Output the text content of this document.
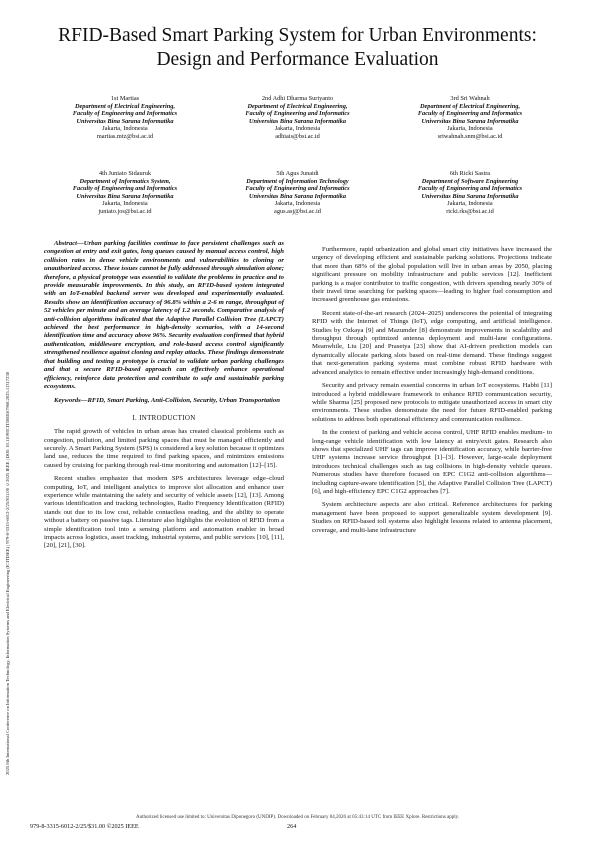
2025 8th International Conference on Information Technology, Information Systems and Electrical Engineering (ICITISEE) | 979-8-3315-6012-2/25/$31.00 ©2025 IEEE | DOI: 10.1109/ICITISEE67968.2025.11317238
RFID-Based Smart Parking System for Urban Environments: Design and Performance Evaluation
1st Martias
Department of Electrical Engineering,
Faculty of Engineering and Informatics
Universitas Bina Sarana Informatika
Jakarta, Indonesia
martias.mtz@bsi.ac.id
2nd Adhi Dharma Suriyanto
Department of Electrical Engineering,
Faculty of Engineering and Informatics
Universitas Bina Sarana Informatika
Jakarta, Indonesia
adhiais@bsi.ac.id
3rd Sri Wahnah
Department of Electrical Engineering,
Faculty of Engineering and Informatics
Universitas Bina Sarana Informatika
Jakarta, Indonesia
sriwahnah.snm@bsi.ac.id
4th Juniato Sidauruk
Department of Informatics System,
Faculty of Engineering and Informatics
Universitas Bina Sarana Informatika
Jakarta, Indonesia
juniato.jos@bsi.ac.id
5th Agus Junaidi
Department of Information Technology
Faculty of Engineering and Informatics
Universitas Bina Sarana Informatika
Jakarta, Indonesia
agus.asj@bsi.ac.id
6th Ricki Sastra
Department of Software Engineering
Faculty of Engineering and Informatics
Universitas Bina Sarana Informatika
Jakarta, Indonesia
ricki.rks@bsi.ac.id

Abstract—Urban parking facilities continue to face persistent challenges such as congestion at entry and exit gates, long queues caused by manual access control, high collision rates in dense vehicle environments and vulnerabilities to cloning or unauthorized access. These issues cannot be fully addressed through simulation alone; therefore, a physical prototype was essential to validate the problems in practice and to provide measurable improvements. In this study, an RFID-based system integrated with an IoT-enabled backend server was developed and experimentally evaluated. Results show an identification accuracy of 96.8% within a 2-6 m range, throughput of 52 vehicles per minute and an average latency of 1.2 seconds. Comparative analysis of anti-collision algorithms indicated that the Adaptive Parallel Collision Tree (LAPCT) achieved the best performance in high-density scenarios, with a 14-second identification time and accuracy above 96%. Security evaluation confirmed that hybrid authentication, middleware encryption, and role-based access control significantly strengthened resilience against cloning and replay attacks. These findings demonstrate that building and testing a prototype is crucial to validate urban parking challenges and that a secure RFID-based approach can effectively enhance operational efficiency, reinforce data protection and contribute to safe and sustainable parking ecosystems.

Keywords—RFID, Smart Parking, Anti-Collision, Security, Urban Transportation

I. INTRODUCTION

The rapid growth of vehicles in urban areas has created classical problems such as congestion, pollution, and limited parking spaces that must be managed efficiently and securely. A Smart Parking System (SPS) is considered a key solution because it optimizes land use, reduces the time required to find parking spaces, and minimizes emissions caused by cruising for parking through real-time monitoring and automation [12]–[15].

Recent studies emphasize that modern SPS architectures leverage edge–cloud computing, IoT, and intelligent analytics to improve slot allocation and enhance user experience while maintaining the safety and security of vehicle assets [12], [13]. Among various identification and tracking technologies, Radio Frequency Identification (RFID) stands out due to its low cost, reliable contactless reading, and the ability to operate without a battery on passive tags. Literature also highlights the evolution of RFID from a simple identification tool into a sensing platform and automation enabler in broad impacts across logistics, asset tracking, industrial systems, and public services [10], [11], [20], [21], [30].

Furthermore, rapid urbanization and global smart city initiatives have increased the urgency of developing efficient and sustainable parking solutions. Projections indicate that more than 68% of the global population will live in urban areas by 2050, placing significant pressure on mobility infrastructure and public services [12]. Inefficient parking is a major contributor to traffic congestion, with drivers spending nearly 30% of their travel time searching for parking spaces—leading to higher fuel consumption and increased greenhouse gas emissions.

Recent state-of-the-art research (2024–2025) underscores the potential of integrating RFID with the Internet of Things (IoT), edge computing, and artificial intelligence. Studies by Ozkaya [9] and Mazumder [8] demonstrate improvements in scalability and throughput through optimized antenna deployment and multi-lane configurations. Meanwhile, Liu [20] and Prasetya [23] show that AI-driven prediction models can dynamically allocate parking slots based on real-time demand. These findings suggest that next-generation parking systems must combine robust RFID hardware with advanced analytics to remain effective under increasingly high-demand conditions.

Security and privacy remain essential concerns in urban IoT ecosystems. Habbi [11] introduced a hybrid middleware framework to enhance RFID communication security, while Sharma [25] proposed new protocols to mitigate unauthorized access in smart city environments. These studies demonstrate the need for future RFID-enabled parking solutions to address both operational efficiency and communication resilience.

In the context of parking and vehicle access control, UHF RFID enables medium- to long-range vehicle identification with low latency at entry/exit gates. Research also shows that specialized UHF tags can improve identification accuracy, while barrier-free UHF systems increase service throughput [1]–[3]. However, large-scale deployment introduces technical challenges such as tag collisions in high-density vehicle queues. Numerous studies have therefore focused on EPC C1G2 anti-collision algorithms—including capture-aware identification [5], the Adaptive Parallel Collision Tree (LAPCT) [6], and high-efficiency EPC C1G2 approaches [7].

System architecture aspects are also critical. Reference architectures for parking management have been proposed to support generalizable system development [9]. Studies on RFID-based toll systems also highlight lessons related to antenna placement, coverage, and multi-lane infrastructure

Authorized licensed use limited to: Universitas Diponegoro (UNDIP). Downloaded on February 04,2026 at 05:43:14 UTC from IEEE Xplore. Restrictions apply.
979-8-3315-6012-2/25/$31.00 ©2025 IEEE	264
